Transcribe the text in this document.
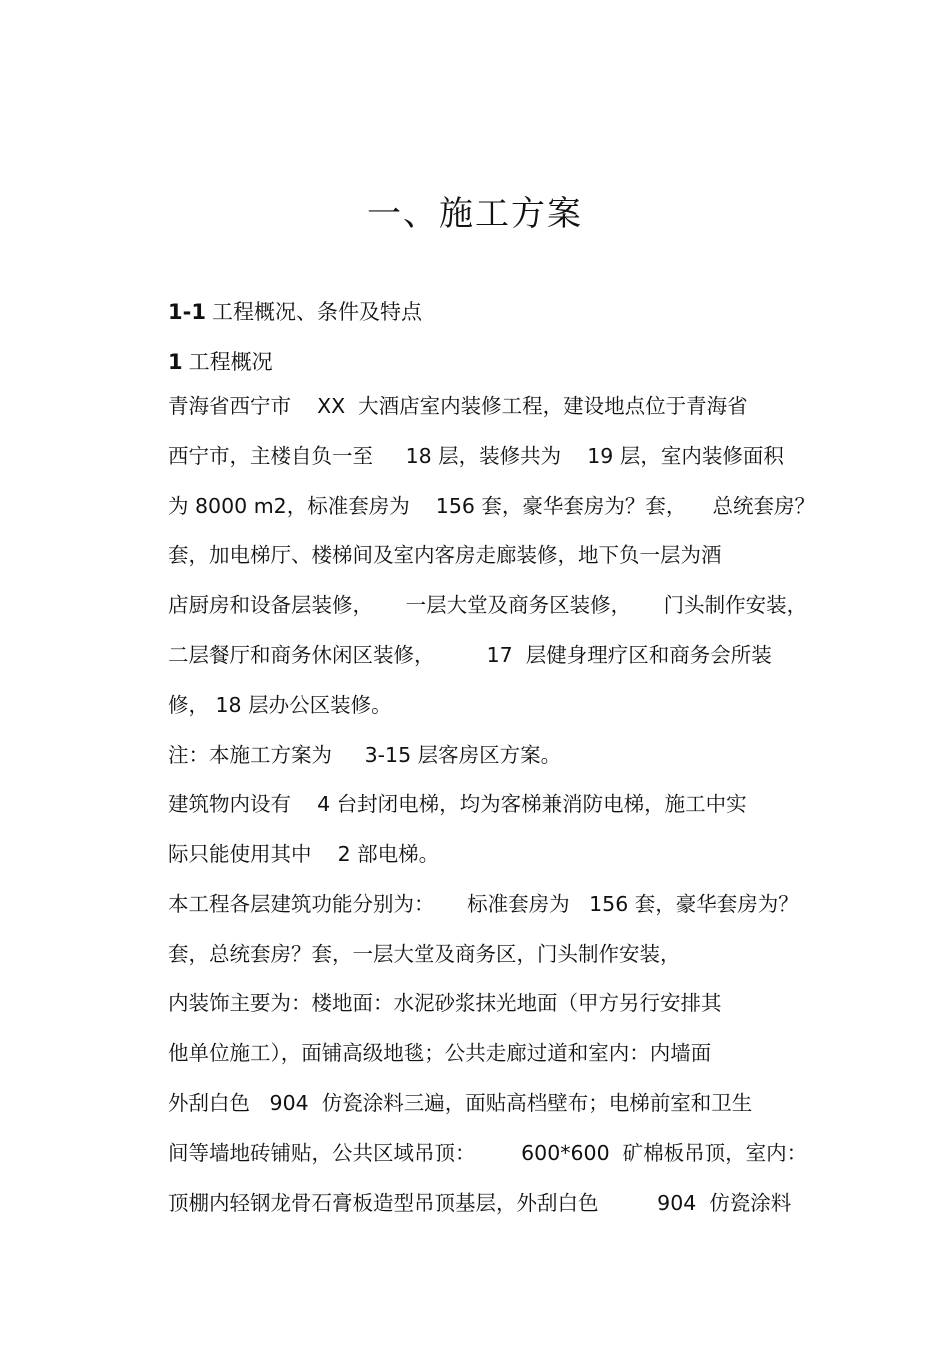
一、施工方案
1-1 工程概况、条件及特点
1 工程概况
青海省西宁市    XX  大酒店室内装修工程，建设地点位于青海省
西宁市，主楼自负一至     18 层，装修共为    19 层，室内装修面积
为 8000 m2，标准套房为    156 套，豪华套房为？套，    总统套房？
套，加电梯厅、楼梯间及室内客房走廊装修，地下负一层为酒
店厨房和设备层装修，     一层大堂及商务区装修，     门头制作安装，
二层餐厅和商务休闲区装修，        17  层健身理疗区和商务会所装
修， 18 层办公区装修。
注：本施工方案为     3-15 层客房区方案。
建筑物内设有    4 台封闭电梯，均为客梯兼消防电梯，施工中实
际只能使用其中    2 部电梯。
本工程各层建筑功能分别为：     标准套房为   156 套，豪华套房为？
套，总统套房？套，一层大堂及商务区，门头制作安装，
内装饰主要为：楼地面：水泥砂浆抹光地面（甲方另行安排其
他单位施工），面铺高级地毯；公共走廊过道和室内：内墙面
外刮白色   904  仿瓷涂料三遍，面贴高档壁布；电梯前室和卫生
间等墙地砖铺贴，公共区域吊顶：       600*600  矿棉板吊顶，室内：
顶棚内轻钢龙骨石膏板造型吊顶基层，外刮白色         904  仿瓷涂料
